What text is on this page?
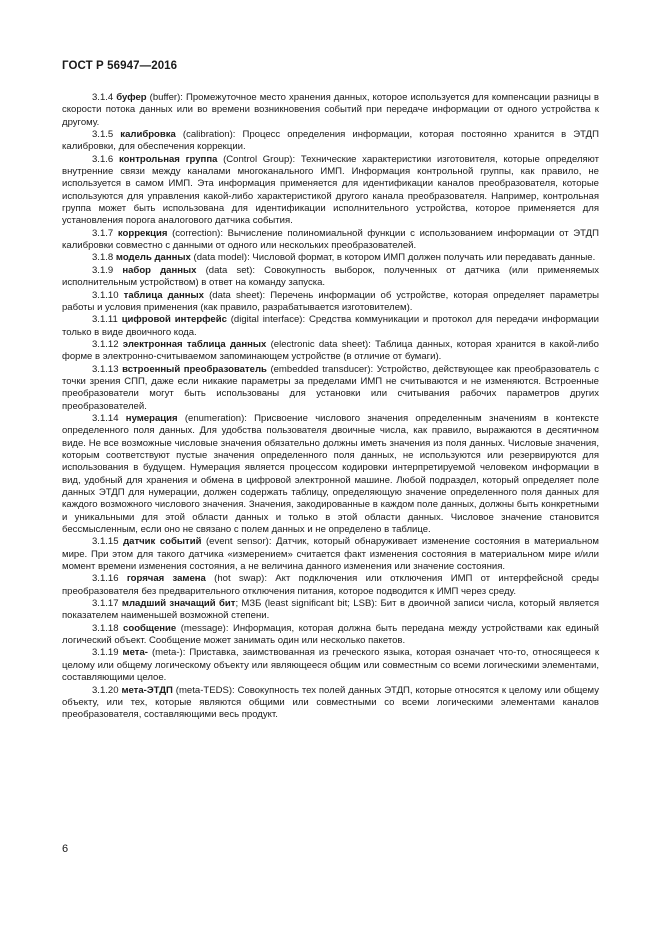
ГОСТ Р 56947—2016

3.1.4 буфер (buffer): Промежуточное место хранения данных, которое используется для компенсации разницы в скорости потока данных или во времени возникновения событий при передаче информации от одного устройства к другому.

3.1.5 калибровка (calibration): Процесс определения информации, которая постоянно хранится в ЭТДП калибровки, для обеспечения коррекции.

3.1.6 контрольная группа (Control Group): Технические характеристики изготовителя, которые определяют внутренние связи между каналами многоканального ИМП. Информация контрольной группы, как правило, не используется в самом ИМП. Эта информация применяется для идентификации каналов преобразователя, которые используются для управления какой-либо характеристикой другого канала преобразователя. Например, контрольная группа может быть использована для идентификации исполнительного устройства, которое применяется для установления порога аналогового датчика события.

3.1.7 коррекция (correction): Вычисление полиномиальной функции с использованием информации от ЭТДП калибровки совместно с данными от одного или нескольких преобразователей.

3.1.8 модель данных (data model): Числовой формат, в котором ИМП должен получать или передавать данные.

3.1.9 набор данных (data set): Совокупность выборок, полученных от датчика (или применяемых исполнительным устройством) в ответ на команду запуска.

3.1.10 таблица данных (data sheet): Перечень информации об устройстве, которая определяет параметры работы и условия применения (как правило, разрабатывается изготовителем).

3.1.11 цифровой интерфейс (digital interface): Средства коммуникации и протокол для передачи информации только в виде двоичного кода.

3.1.12 электронная таблица данных (electronic data sheet): Таблица данных, которая хранится в какой-либо форме в электронно-считываемом запоминающем устройстве (в отличие от бумаги).

3.1.13 встроенный преобразователь (embedded transducer): Устройство, действующее как преобразователь с точки зрения СПП, даже если никакие параметры за пределами ИМП не считываются и не изменяются. Встроенные преобразователи могут быть использованы для установки или считывания рабочих параметров других преобразователей.

3.1.14 нумерация (enumeration): Присвоение числового значения определенным значениям в контексте определенного поля данных. Для удобства пользователя двоичные числа, как правило, выражаются в десятичном виде. Не все возможные числовые значения обязательно должны иметь значения из поля данных. Числовые значения, которым соответствуют пустые значения определенного поля данных, не используются или резервируются для использования в будущем. Нумерация является процессом кодировки интерпретируемой человеком информации в вид, удобный для хранения и обмена в цифровой электронной машине. Любой подраздел, который определяет поле данных ЭТДП для нумерации, должен содержать таблицу, определяющую значение определенного поля данных для каждого возможного числового значения. Значения, закодированные в каждом поле данных, должны быть конкретными и уникальными для этой области данных и только в этой области данных. Числовое значение становится бессмысленным, если оно не связано с полем данных и не определено в таблице.

3.1.15 датчик событий (event sensor): Датчик, который обнаруживает изменение состояния в материальном мире. При этом для такого датчика «измерением» считается факт изменения состояния в материальном мире и/или момент времени изменения состояния, а не величина данного изменения или значение состояния.

3.1.16 горячая замена (hot swap): Акт подключения или отключения ИМП от интерфейсной среды преобразователя без предварительного отключения питания, которое подводится к ИМП через среду.

3.1.17 младший значащий бит; МЗБ (least significant bit; LSB): Бит в двоичной записи числа, который является показателем наименьшей возможной степени.

3.1.18 сообщение (message): Информация, которая должна быть передана между устройствами как единый логический объект. Сообщение может занимать один или несколько пакетов.

3.1.19 мета- (meta-): Приставка, заимствованная из греческого языка, которая означает что-то, относящееся к целому или общему логическому объекту или являющееся общим или совместным со всеми логическими элементами, составляющими целое.

3.1.20 мета-ЭТДП (meta-TEDS): Совокупность тех полей данных ЭТДП, которые относятся к целому или общему объекту, или тех, которые являются общими или совместными со всеми логическими элементами каналов преобразователя, составляющими весь продукт.

6
